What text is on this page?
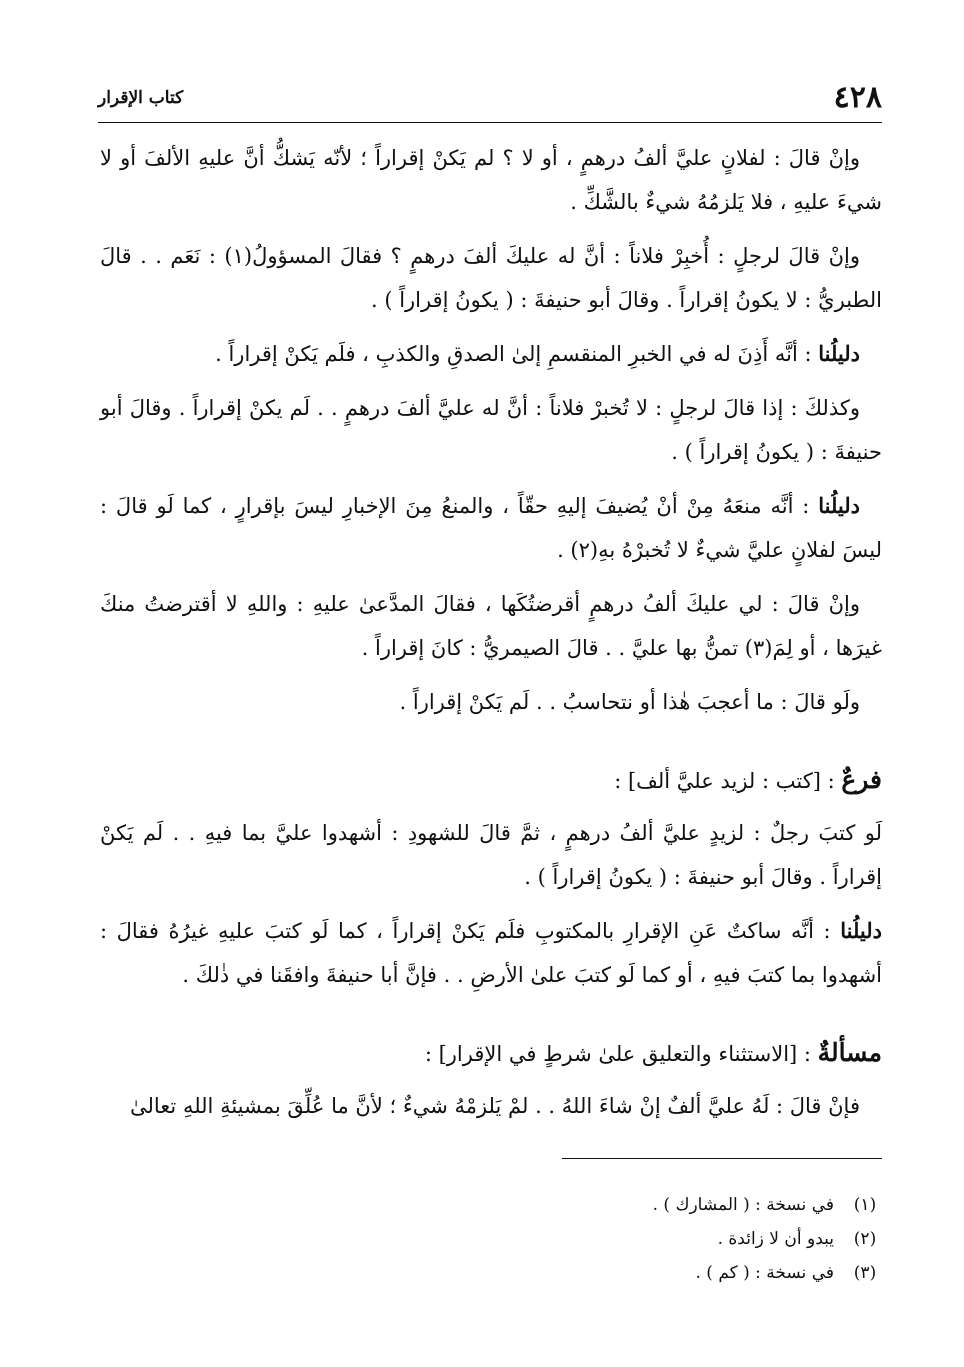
٤٢٨
كتاب الإقرار

وإنْ قالَ : لفلانٍ عليَّ ألفُ درهمٍ ، أو لا ؟ لم يَكنْ إقراراً ؛ لأنّه يَشكُّ أنَّ عليهِ الألفَ أو لا شيءَ عليهِ ، فلا يَلزمُهُ شيءٌ بالشَّكِّ .

وإنْ قالَ لرجلٍ : أُخبِرْ فلاناً : أنَّ له عليكَ ألفَ درهمٍ ؟ فقالَ المسؤولُ(١) : نَعَم . . قالَ الطبريُّ : لا يكونُ إقراراً . وقالَ أبو حنيفةَ : ( يكونُ إقراراً ) .

دليلُنا : أنَّه أَذِنَ له في الخبرِ المنقسمِ إلىٰ الصدقِ والكذبِ ، فلَم يَكنْ إقراراً .

وكذلكَ : إذا قالَ لرجلٍ : لا تُخبرْ فلاناً : أنَّ له عليَّ ألفَ درهمٍ . . لَم يكنْ إقراراً . وقالَ أبو حنيفةَ : ( يكونُ إقراراً ) .

دليلُنا : أنَّه منعَهُ مِنْ أنْ يُضيفَ إليهِ حقّاً ، والمنعُ مِنَ الإخبارِ ليسَ بإقرارٍ ، كما لَو قالَ : ليسَ لفلانٍ عليَّ شيءٌ لا تُخبرْهُ بهِ(٢) .

وإنْ قالَ : لي عليكَ ألفُ درهمٍ أقرضتُكَها ، فقالَ المدَّعىٰ عليهِ : واللهِ لا أقترضتُ منكَ غيرَها ، أو لِمَ(٣) تمنُّ بها عليَّ . . قالَ الصيمريُّ : كانَ إقراراً .

ولَو قالَ : ما أعجبَ هٰذا أو نتحاسبُ . . لَم يَكنْ إقراراً .

فرعٌ : [كتب : لزيد عليَّ ألف] :

لَو كتبَ رجلٌ : لزيدٍ عليَّ ألفُ درهمٍ ، ثمَّ قالَ للشهودِ : أشهدوا عليَّ بما فيهِ . . لَم يَكنْ إقراراً . وقالَ أبو حنيفةَ : ( يكونُ إقراراً ) .

دليلُنا : أنَّه ساكتٌ عَنِ الإقرارِ بالمكتوبِ فلَم يَكنْ إقراراً ، كما لَو كتبَ عليهِ غيرُهُ فقالَ : أشهدوا بما كتبَ فيهِ ، أو كما لَو كتبَ علىٰ الأرضِ . . فإنَّ أبا حنيفةَ وافقَنا في ذٰلكَ .

مسألةٌ : [الاستثناء والتعليق علىٰ شرطٍ في الإقرار] :

فإنْ قالَ : لَهُ عليَّ ألفٌ إنْ شاءَ اللهُ . . لمْ يَلزمْهُ شيءٌ ؛ لأنَّ ما عُلِّقَ بمشيئةِ اللهِ تعالىٰ

(١)
في نسخة : ( المشارك ) .
(٢)
يبدو أن لا زائدة .
(٣)
في نسخة : ( كم ) .
